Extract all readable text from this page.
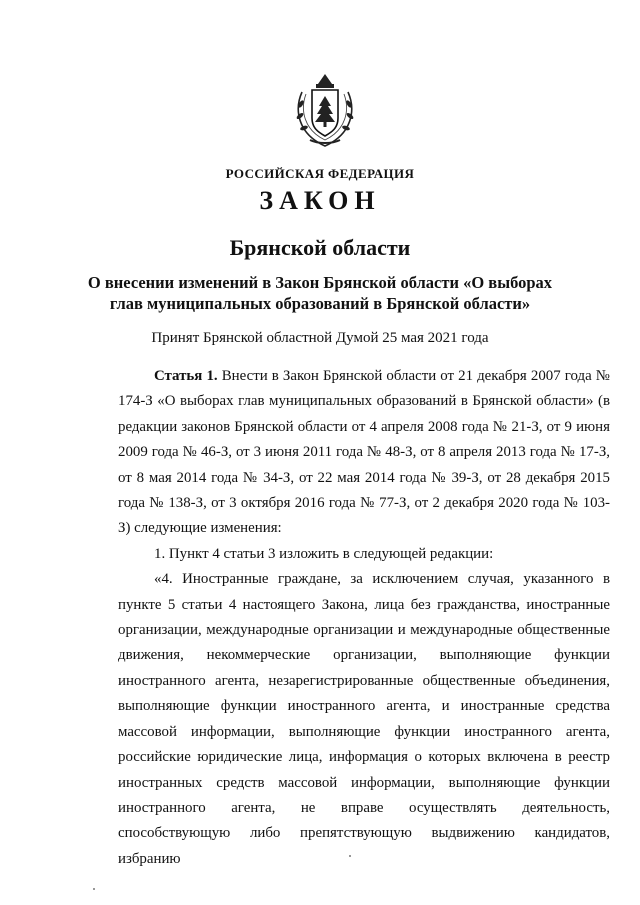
РОССИЙСКАЯ ФЕДЕРАЦИЯ
ЗАКОН
Брянской области
О внесении изменений в Закон Брянской области «О выборах
глав муниципальных образований в Брянской области»
Принят Брянской областной Думой 25 мая 2021 года

Статья 1. Внести в Закон Брянской области от 21 декабря 2007 года № 174-З «О выборах глав муниципальных образований в Брянской области» (в редакции законов Брянской области от 4 апреля 2008 года № 21-З, от 9 июня 2009 года № 46-З, от 3 июня 2011 года № 48-З, от 8 апреля 2013 года № 17-З, от 8 мая 2014 года № 34-З, от 22 мая 2014 года № 39-З, от 28 декабря 2015 года № 138-З, от 3 октября 2016 года № 77-З, от 2 декабря 2020 года № 103-З) следующие изменения:

1. Пункт 4 статьи 3 изложить в следующей редакции:

«4. Иностранные граждане, за исключением случая, указанного в пункте 5 статьи 4 настоящего Закона, лица без гражданства, иностранные организации, международные организации и международные общественные движения, некоммерческие организации, выполняющие функции иностранного агента, незарегистрированные общественные объединения, выполняющие функции иностранного агента, и иностранные средства массовой информации, выполняющие функции иностранного агента, российские юридические лица, информация о которых включена в реестр иностранных средств массовой информации, выполняющие функции иностранного агента, не вправе осуществлять деятельность, способствующую либо препятствующую выдвижению кандидатов, избранию
